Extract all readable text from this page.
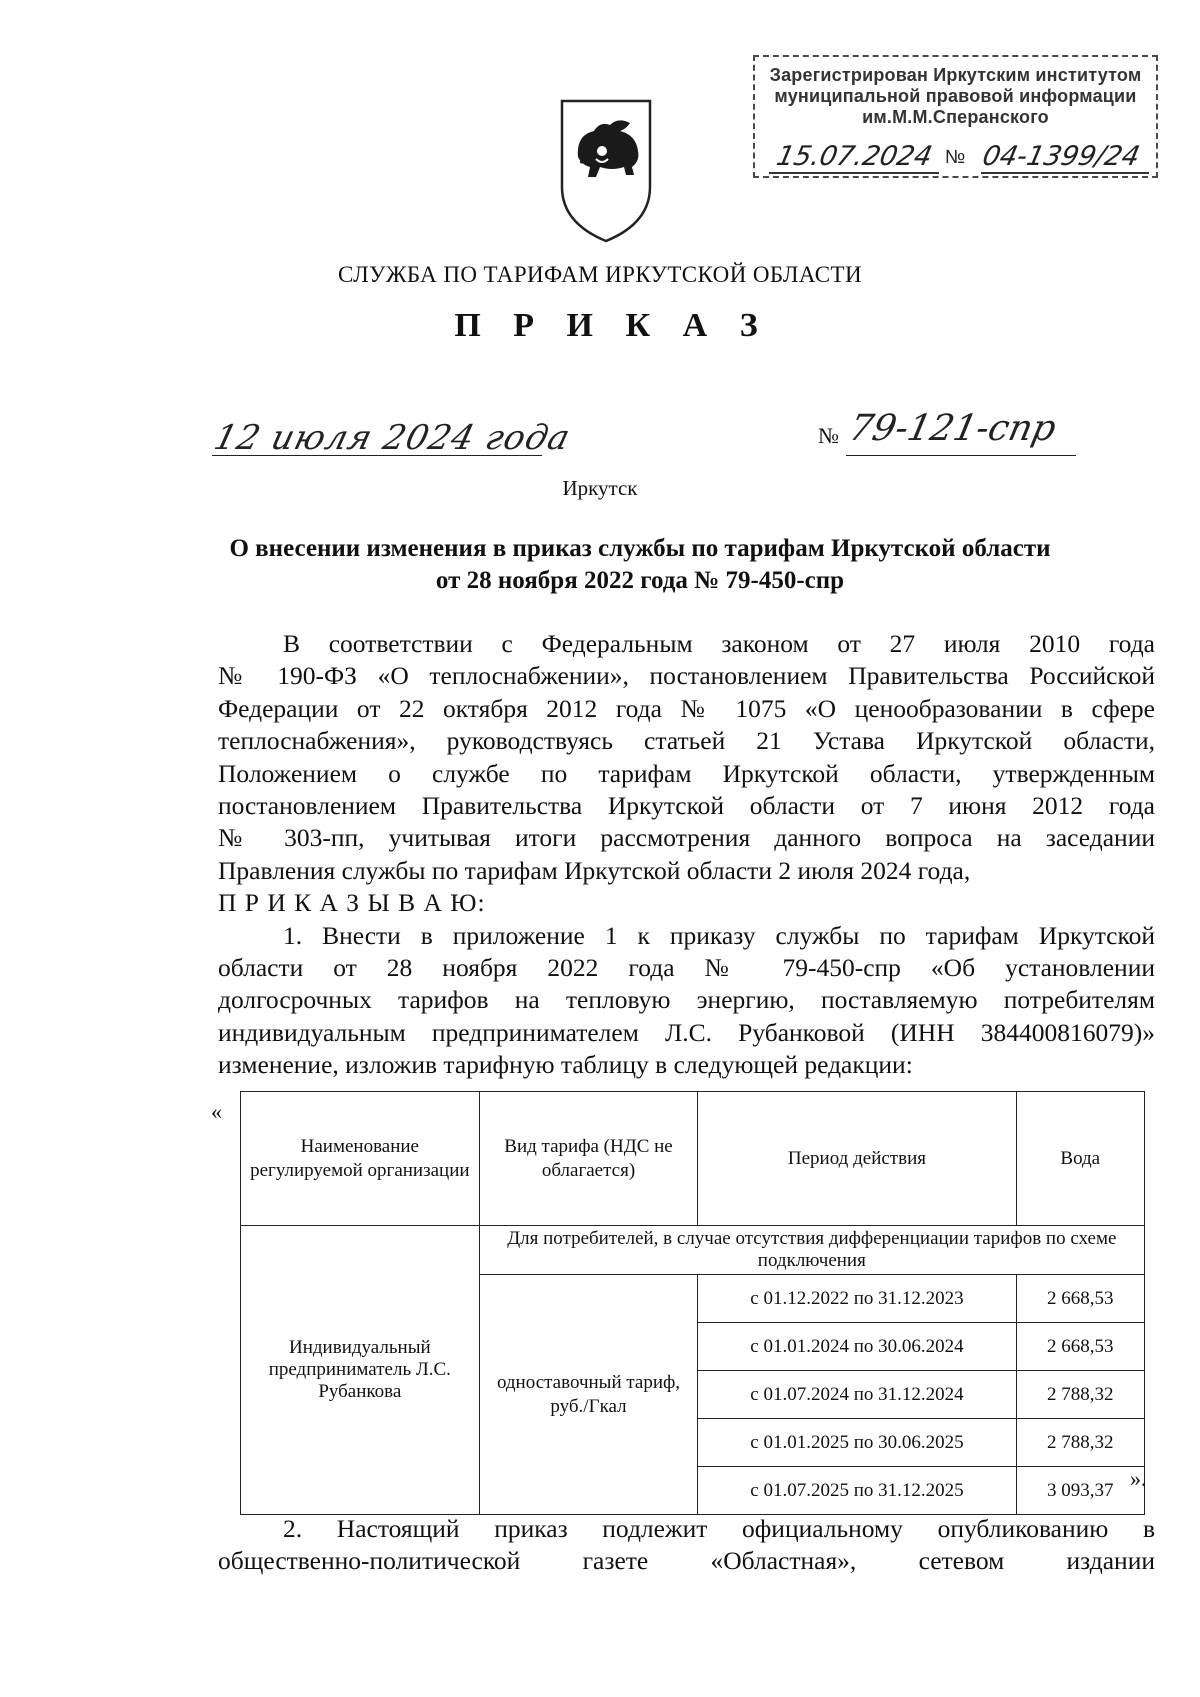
Зарегистрирован Иркутским институтом
муниципальной правовой информации
им.М.М.Сперанского
15.07.2024 № 04-1399/24
СЛУЖБА ПО ТАРИФАМ ИРКУТСКОЙ ОБЛАСТИ
П Р И К А З
12 июля 2024 года	№ 79-121-спр
Иркутск
О внесении изменения в приказ службы по тарифам Иркутской области
от 28 ноября 2022 года № 79-450-спр
В соответствии с Федеральным законом от 27 июля 2010 года
№ 190-ФЗ «О теплоснабжении», постановлением Правительства Российской
Федерации от 22 октября 2012 года № 1075 «О ценообразовании в сфере
теплоснабжения», руководствуясь статьей 21 Устава Иркутской области,
Положением о службе по тарифам Иркутской области, утвержденным
постановлением Правительства Иркутской области от 7 июня 2012 года
№ 303-пп, учитывая итоги рассмотрения данного вопроса на заседании
Правления службы по тарифам Иркутской области 2 июля 2024 года,
П Р И К А З Ы В А Ю:
1. Внести в приложение 1 к приказу службы по тарифам Иркутской
области от 28 ноября 2022 года № 79-450-спр «Об установлении
долгосрочных тарифов на тепловую энергию, поставляемую потребителям
индивидуальным предпринимателем Л.С. Рубанковой (ИНН 384400816079)»
изменение, изложив тарифную таблицу в следующей редакции:
«
Наименование регулируемой организации	Вид тарифа (НДС не облагается)	Период действия	Вода
Индивидуальный предприниматель Л.С. Рубанкова	Для потребителей, в случае отсутствия дифференциации тарифов по схеме подключения		
	одноставочный тариф, руб./Гкал	с 01.12.2022 по 31.12.2023	2 668,53
		с 01.01.2024 по 30.06.2024	2 668,53
		с 01.07.2024 по 31.12.2024	2 788,32
		с 01.01.2025 по 30.06.2025	2 788,32
		с 01.07.2025 по 31.12.2025	3 093,37 ».
2. Настоящий приказ подлежит официальному опубликованию в
общественно-политической газете «Областная», сетевом издании
